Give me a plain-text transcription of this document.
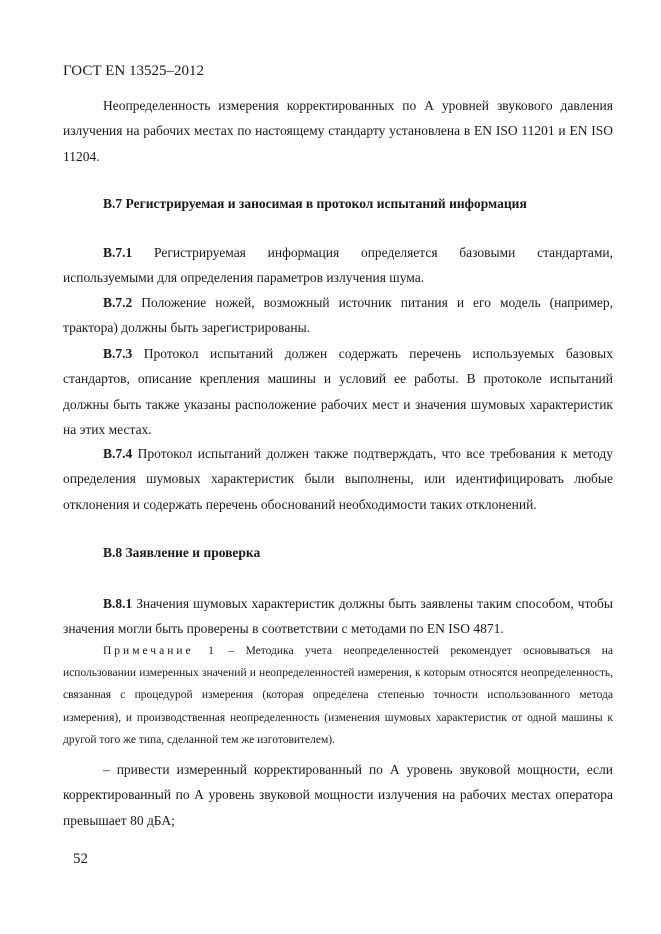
ГОСТ EN 13525–2012

Неопределенность измерения корректированных по А уровней звукового давления излучения на рабочих местах по настоящему стандарту установлена в EN ISO 11201 и EN ISO 11204.

В.7 Регистрируемая и заносимая в протокол испытаний информация

В.7.1 Регистрируемая информация определяется базовыми стандартами, используемыми для определения параметров излучения шума.

В.7.2 Положение ножей, возможный источник питания и его модель (например, трактора) должны быть зарегистрированы.

В.7.3 Протокол испытаний должен содержать перечень используемых базовых стандартов, описание крепления машины и условий ее работы. В протоколе испытаний должны быть также указаны расположение рабочих мест и значения шумовых характеристик на этих местах.

В.7.4 Протокол испытаний должен также подтверждать, что все требования к методу определения шумовых характеристик были выполнены, или идентифицировать любые отклонения и содержать перечень обоснований необходимости таких отклонений.

В.8 Заявление и проверка

В.8.1 Значения шумовых характеристик должны быть заявлены таким способом, чтобы значения могли быть проверены в соответствии с методами по EN ISO 4871.

Примечание 1 – Методика учета неопределенностей рекомендует основываться на использовании измеренных значений и неопределенностей измерения, к которым относятся неопределенность, связанная с процедурой измерения (которая определена степенью точности использованного метода измерения), и производственная неопределенность (изменения шумовых характеристик от одной машины к другой того же типа, сделанной тем же изготовителем).

– привести измеренный корректированный по А уровень звуковой мощности, если корректированный по А уровень звуковой мощности излучения на рабочих местах оператора превышает 80 дБА;

52
